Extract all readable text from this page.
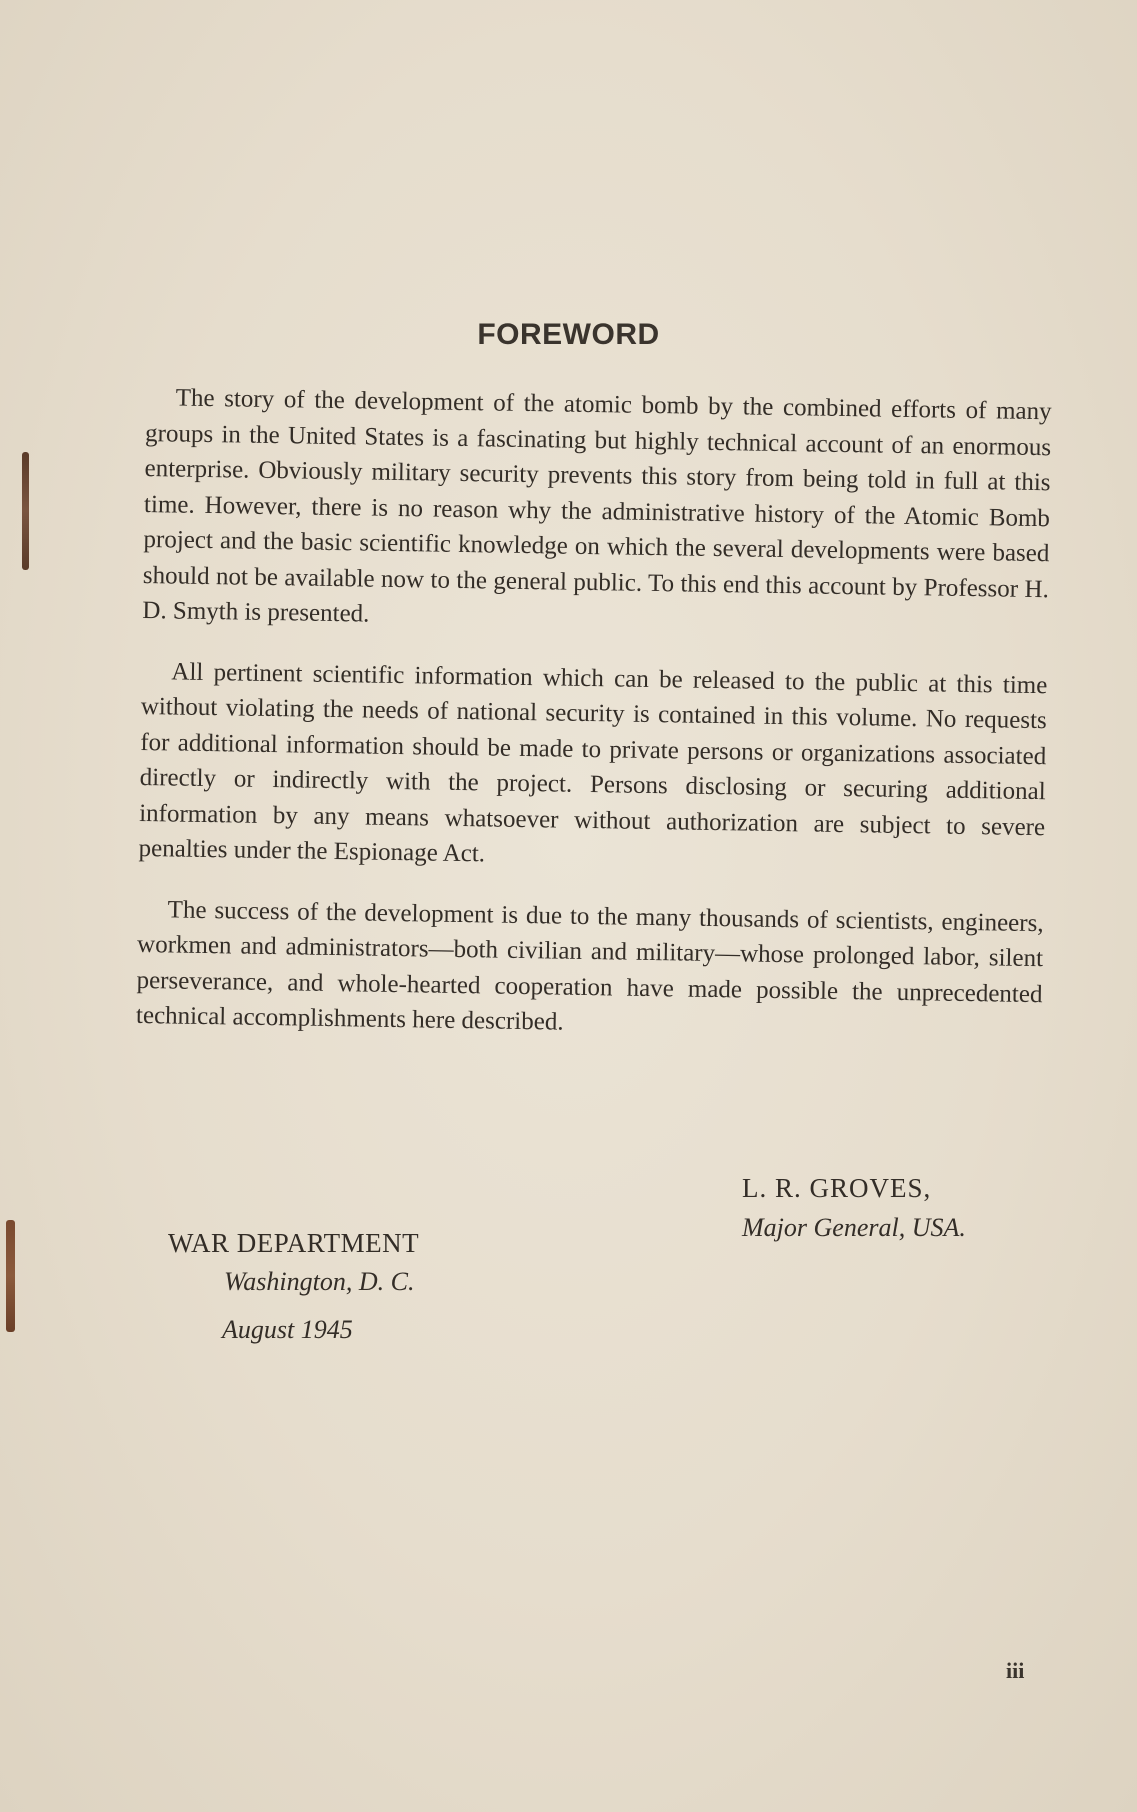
FOREWORD

The story of the development of the atomic bomb by the combined efforts of many groups in the United States is a fascinating but highly technical account of an enormous enterprise. Obviously military security prevents this story from being told in full at this time. However, there is no reason why the administrative history of the Atomic Bomb project and the basic scientific knowledge on which the several developments were based should not be available now to the general public. To this end this account by Professor H. D. Smyth is presented.

All pertinent scientific information which can be released to the public at this time without violating the needs of national security is contained in this volume. No requests for additional information should be made to private persons or organizations associated directly or indirectly with the project. Persons disclosing or securing additional information by any means whatsoever without authorization are subject to severe penalties under the Espionage Act.

The success of the development is due to the many thousands of scientists, engineers, workmen and administrators—both civilian and military—whose prolonged labor, silent perseverance, and whole-hearted cooperation have made possible the unprecedented technical accomplishments here described.

L. R. GROVES,
Major General, USA.
WAR DEPARTMENT
Washington, D. C.
August 1945
iii
